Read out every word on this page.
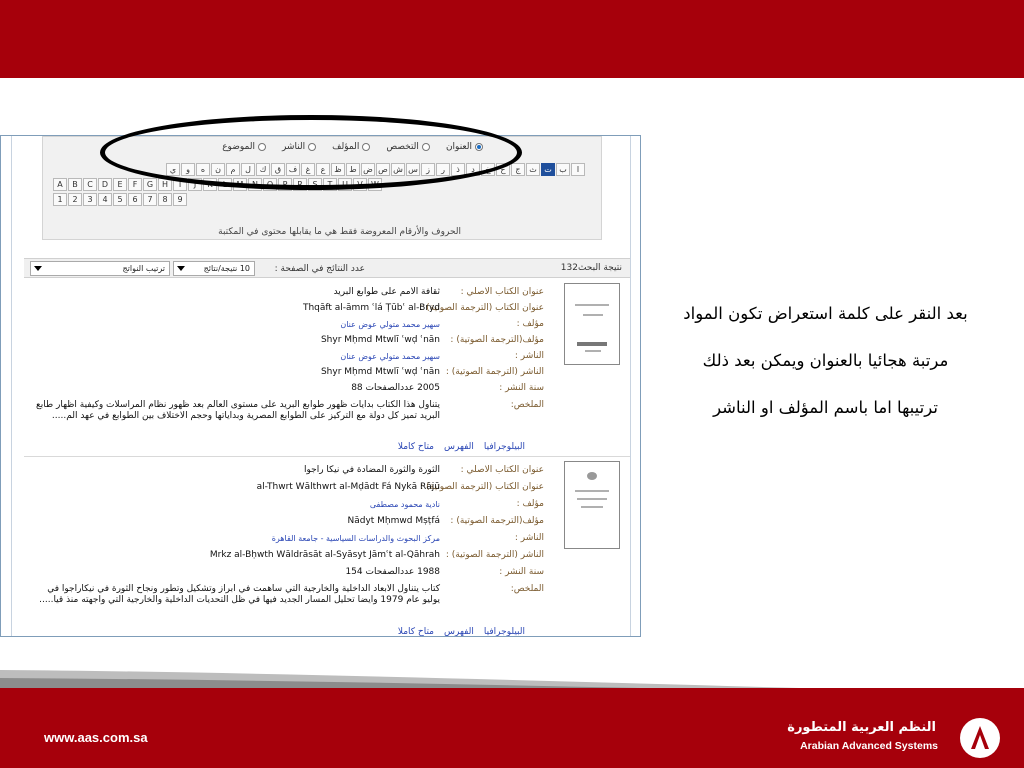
العنوان
التخصص
المؤلف
الناشر
الموضوع
ا
ب
ت
ث
ج
ح
خ
د
ذ
ر
ز
س
ش
ص
ض
ط
ظ
ع
غ
ف
ق
ك
ل
م
ن
ه
و
ي
A	B	C	D	E	F	G	H	I	J	K	L	M	N	O	P	R	S	T	U	V	W
1	2	3	4	5	6	7	8	9
الحروف والأرقام المعروضة فقط هي ما يقابلها محتوى في المكتبة
نتيجة البحث132
عدد النتائج في الصفحة :
10 نتيجة/نتائج
ترتيب النواتج
عنوان الكتاب الاصلي :
ثقافة الامم على طوابع البريد
عنوان الكتاب (الترجمة الصوتية) :
Thqāft al-āmm ʿlá Ṭūbʿ al-Bryd
مؤلف :
سهير محمد متولي عوض عنان
مؤلف(الترجمة الصوتية) :
Shyr Mḥmd Mtwlī ʿwḍ ʿnān
الناشر :
سهير محمد متولي عوض عنان
الناشر (الترجمة الصوتية) :
Shyr Mḥmd Mtwlī ʿwḍ ʿnān
سنة النشر :
2005 عددالصفحات 88
الملخص:
يتناول هذا الكتاب بدايات ظهور طوابع البريد على مستوى العالم بعد ظهور نظام المراسلات وكيفية اظهار طابع البريد تميز كل دولة مع التركيز على الطوابع المصرية وبداياتها وحجم الاختلاف بين الطوابع في عهد الم.....
البيلوجرافيا
الفهرس
متاح كاملا
عنوان الكتاب الاصلي :
الثورة والثورة المضادة في نيكا راجوا
عنوان الكتاب (الترجمة الصوتية) :
al-Thwrt Wālthwrt al-Mḍādt Fá Nykā Rājū
مؤلف :
نادية محمود مصطفى
مؤلف(الترجمة الصوتية) :
Nādyt Mḥmwd Mṣṭfá
الناشر :
مركز البحوث والدراسات السياسية - جامعة القاهرة
الناشر (الترجمة الصوتية) :
Mrkz al-Bḥwth Wāldrāsāt al-Syāsyt Jāmʿt al-Qāhrah
سنة النشر :
1988 عددالصفحات 154
الملخص:
كتاب يتناول الابعاد الداخلية والخارجية التي ساهمت في ابراز وتشكيل وتطور ونجاح الثورة في نيكاراجوا في يوليو عام 1979 وايضا تحليل المسار الجديد فيها في ظل التحديات الداخلية والخارجية التي واجهته منذ قيا.....
البيلوجرافيا
الفهرس
متاح كاملا
بعد النقر على كلمة استعراض تكون المواد
مرتبة هجائيا بالعنوان ويمكن بعد ذلك
ترتيبها اما باسم المؤلف او الناشر
www.aas.com.sa
النظم العربية المتطورة
Arabian Advanced Systems
